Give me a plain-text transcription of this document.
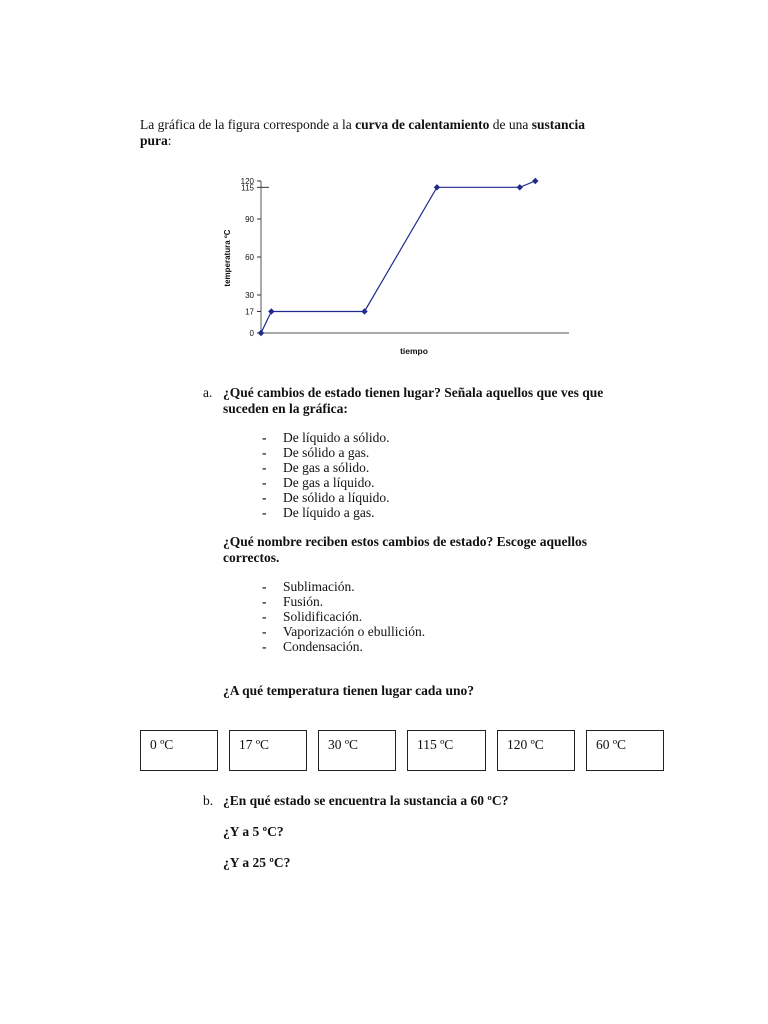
La gráfica de la figura corresponde a la curva de calentamiento de una sustancia pura:
0
17
30
60
90
115
120
tiempo
temperatura ºC
a. ¿Qué cambios de estado tienen lugar? Señala aquellos que ves que suceden en la gráfica:
- De líquido a sólido.
- De sólido a gas.
- De gas a sólido.
- De gas a líquido.
- De sólido a líquido.
- De líquido a gas.
¿Qué nombre reciben estos cambios de estado? Escoge aquellos correctos.
- Sublimación.
- Fusión.
- Solidificación.
- Vaporización o ebullición.
- Condensación.
¿A qué temperatura tienen lugar cada uno?
0 ºC	17 ºC	30 ºC	115 ºC	120 ºC	60 ºC
b. ¿En qué estado se encuentra la sustancia a 60 ºC?
¿Y a 5 ºC?
¿Y a 25 ºC?
